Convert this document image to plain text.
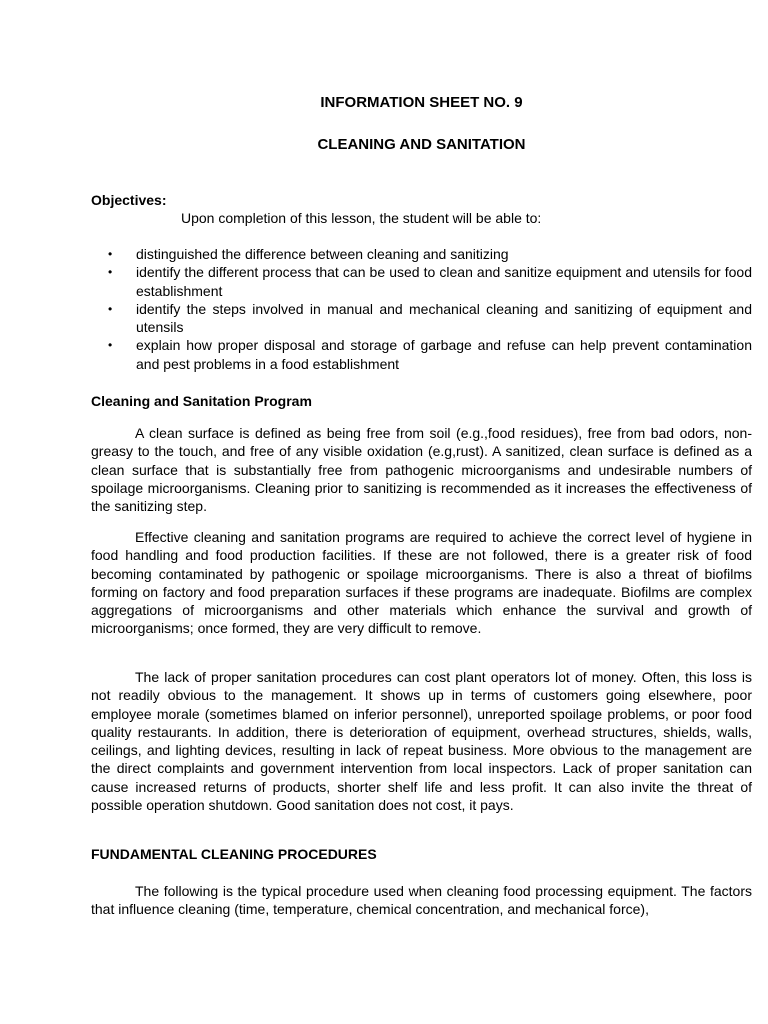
INFORMATION SHEET NO. 9
CLEANING AND SANITATION

Objectives:

Upon completion of this lesson, the student will be able to:

• distinguished the difference between cleaning and sanitizing
• identify the different process that can be used to clean and sanitize equipment and utensils for food establishment
• identify the steps involved in manual and mechanical cleaning and sanitizing of equipment and utensils
• explain how proper disposal and storage of garbage and refuse can help prevent contamination and pest problems in a food establishment

Cleaning and Sanitation Program

A clean surface is defined as being free from soil (e.g.,food residues), free from bad odors, non-greasy to the touch, and free of any visible oxidation (e.g,rust). A sanitized, clean surface is defined as a clean surface that is substantially free from pathogenic microorganisms and undesirable numbers of spoilage microorganisms. Cleaning prior to sanitizing is recommended as it increases the effectiveness of the sanitizing step.

Effective cleaning and sanitation programs are required to achieve the correct level of hygiene in food handling and food production facilities. If these are not followed, there is a greater risk of food becoming contaminated by pathogenic or spoilage microorganisms. There is also a threat of biofilms forming on factory and food preparation surfaces if these programs are inadequate. Biofilms are complex aggregations of microorganisms and other materials which enhance the survival and growth of microorganisms; once formed, they are very difficult to remove.

The lack of proper sanitation procedures can cost plant operators lot of money. Often, this loss is not readily obvious to the management. It shows up in terms of customers going elsewhere, poor employee morale (sometimes blamed on inferior personnel), unreported spoilage problems, or poor food quality restaurants. In addition, there is deterioration of equipment, overhead structures, shields, walls, ceilings, and lighting devices, resulting in lack of repeat business. More obvious to the management are the direct complaints and government intervention from local inspectors. Lack of proper sanitation can cause increased returns of products, shorter shelf life and less profit. It can also invite the threat of possible operation shutdown. Good sanitation does not cost, it pays.

FUNDAMENTAL CLEANING PROCEDURES

The following is the typical procedure used when cleaning food processing equipment. The factors that influence cleaning (time, temperature, chemical concentration, and mechanical force),
